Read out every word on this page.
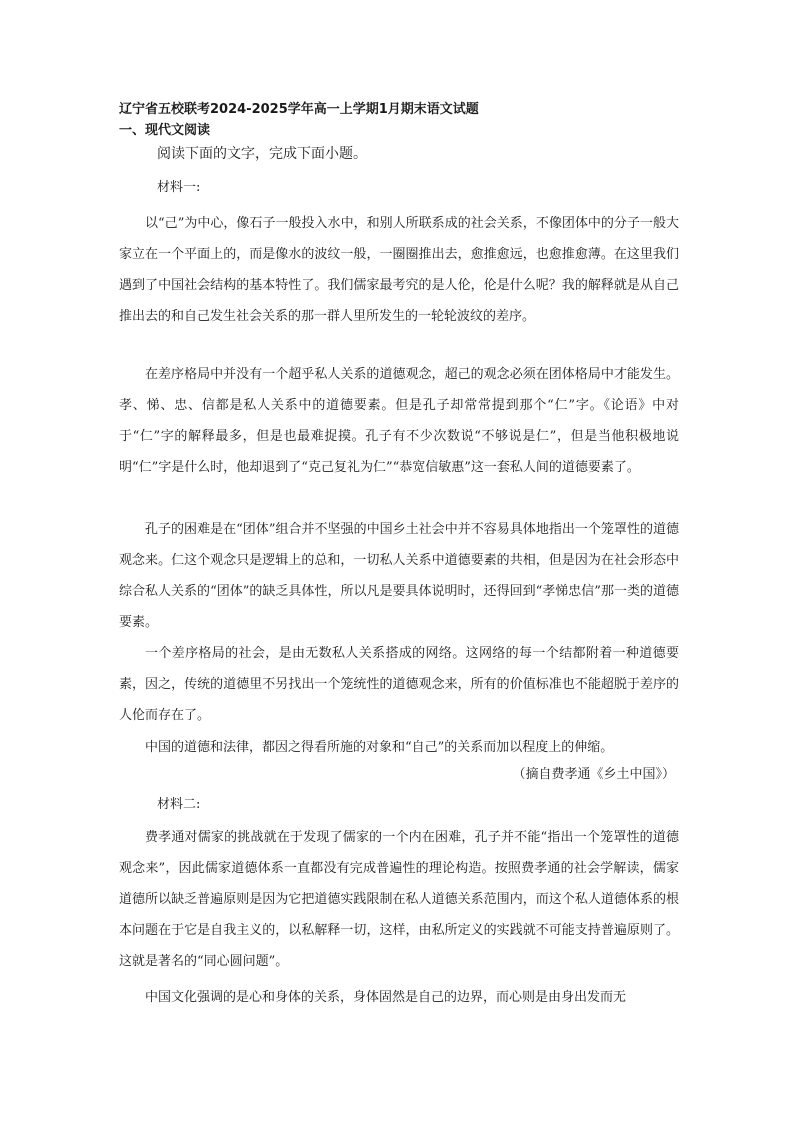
辽宁省五校联考2024-2025学年高一上学期1月期末语文试题
一、现代文阅读
阅读下面的文字，完成下面小题。
材料一:

以“己”为中心，像石子一般投入水中，和别人所联系成的社会关系，不像团体中的分子一般大家立在一个平面上的，而是像水的波纹一般，一圈圈推出去，愈推愈远，也愈推愈薄。在这里我们遇到了中国社会结构的基本特性了。我们儒家最考究的是人伦，伦是什么呢？我的解释就是从自己推出去的和自己发生社会关系的那一群人里所发生的一轮轮波纹的差序。

在差序格局中并没有一个超乎私人关系的道德观念，超己的观念必须在团体格局中才能发生。孝、悌、忠、信都是私人关系中的道德要素。但是孔子却常常提到那个“仁”字。《论语》中对于“仁”字的解释最多，但是也最难捉摸。孔子有不少次数说“不够说是仁”，但是当他积极地说明“仁”字是什么时，他却退到了“克己复礼为仁”“恭宽信敏惠”这一套私人间的道德要素了。

孔子的困难是在“团体”组合并不坚强的中国乡土社会中并不容易具体地指出一个笼罩性的道德观念来。仁这个观念只是逻辑上的总和，一切私人关系中道德要素的共相，但是因为在社会形态中综合私人关系的“团体”的缺乏具体性，所以凡是要具体说明时，还得回到“孝悌忠信”那一类的道德要素。

一个差序格局的社会，是由无数私人关系搭成的网络。这网络的每一个结都附着一种道德要素，因之，传统的道德里不另找出一个笼统性的道德观念来，所有的价值标准也不能超脱于差序的人伦而存在了。

中国的道德和法律，都因之得看所施的对象和“自己”的关系而加以程度上的伸缩。

（摘自费孝通《乡土中国》）
材料二:

费孝通对儒家的挑战就在于发现了儒家的一个内在困难，孔子并不能“指出一个笼罩性的道德观念来”，因此儒家道德体系一直都没有完成普遍性的理论构造。按照费孝通的社会学解读，儒家道德所以缺乏普遍原则是因为它把道德实践限制在私人道德关系范围内，而这个私人道德体系的根本问题在于它是自我主义的，以私解释一切，这样，由私所定义的实践就不可能支持普遍原则了。这就是著名的“同心圆问题”。

中国文化强调的是心和身体的关系，身体固然是自己的边界，而心则是由身出发而无
